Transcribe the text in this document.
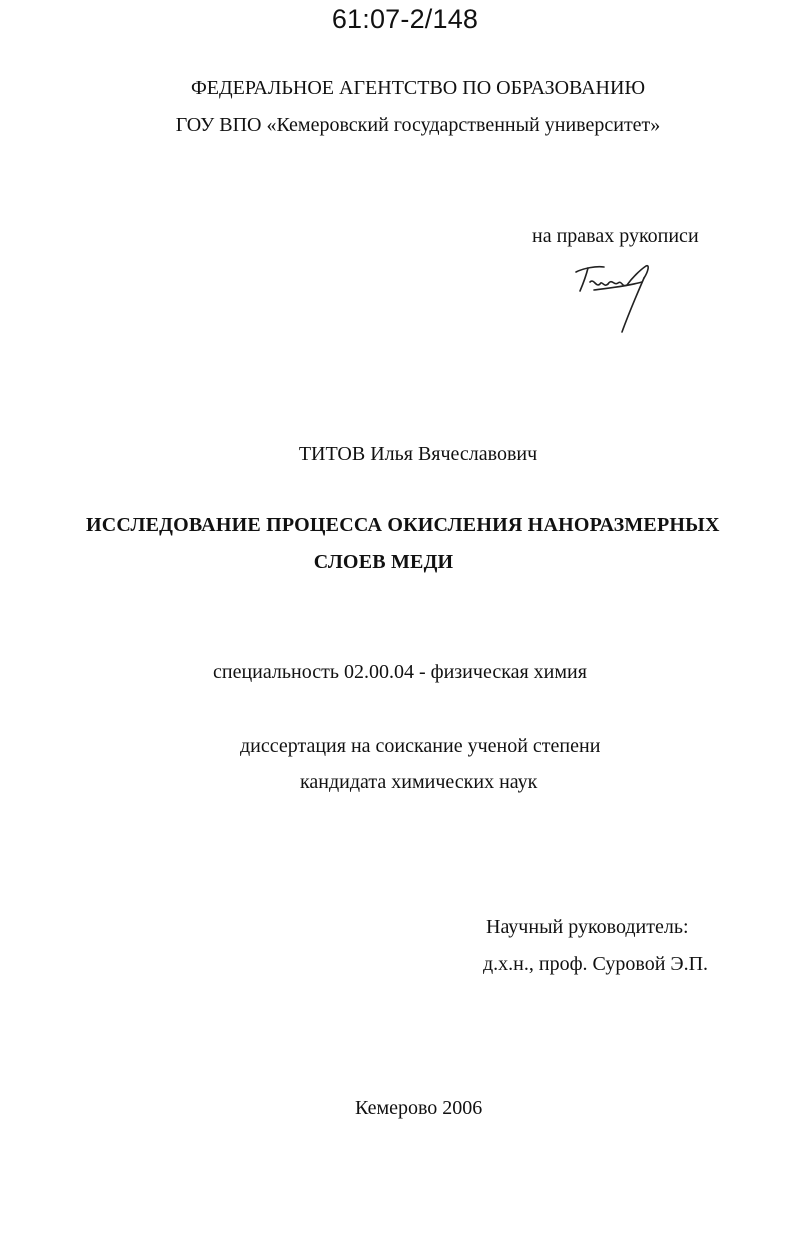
61:07-2/148
ФЕДЕРАЛЬНОЕ АГЕНТСТВО ПО ОБРАЗОВАНИЮ
ГОУ ВПО «Кемеровский государственный университет»
на правах рукописи
ТИТОВ Илья Вячеславович
ИССЛЕДОВАНИЕ ПРОЦЕССА ОКИСЛЕНИЯ НАНОРАЗМЕРНЫХ
СЛОЕВ МЕДИ
специальность 02.00.04 - физическая химия
диссертация на соискание ученой степени
кандидата химических наук
Научный руководитель:
д.х.н., проф. Суровой Э.П.
Кемерово 2006
